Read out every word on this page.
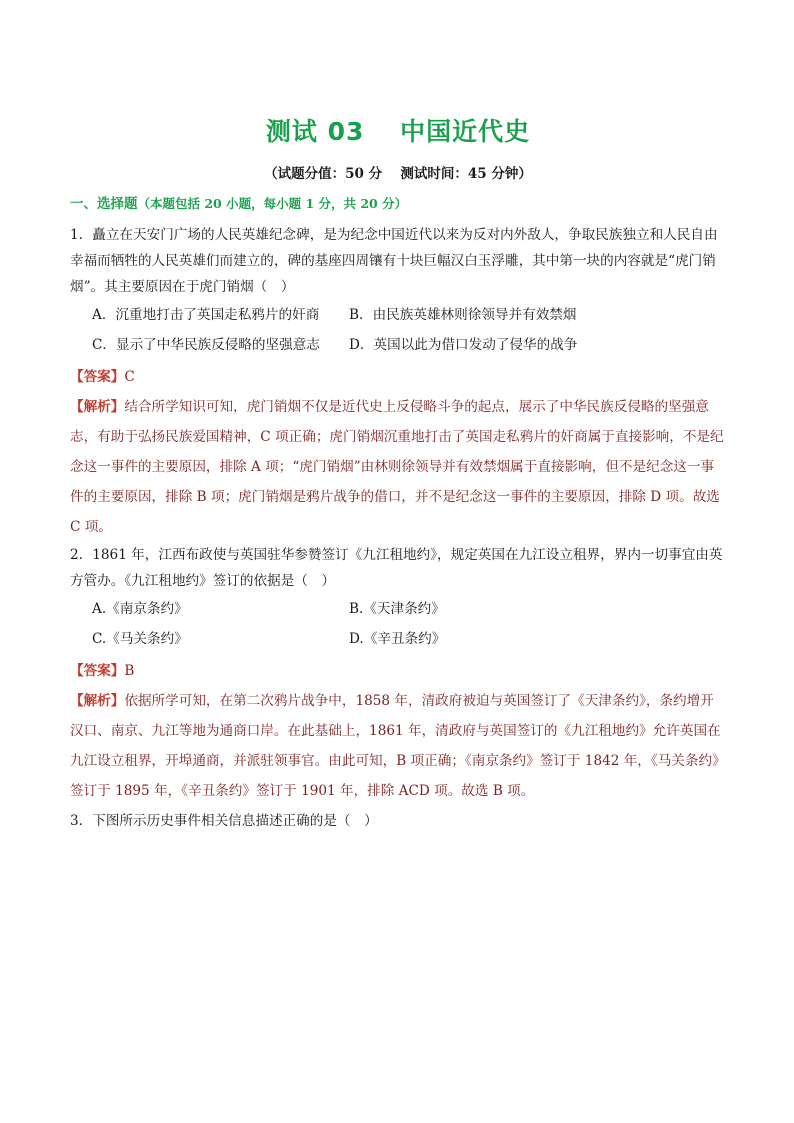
测试 03　 中国近代史
（试题分值：50 分　 测试时间：45 分钟）
一、选择题（本题包括 20 小题，每小题 1 分，共 20 分）

1．矗立在天安门广场的人民英雄纪念碑，是为纪念中国近代以来为反对内外敌人，争取民族独立和人民自由幸福而牺牲的人民英雄们而建立的，碑的基座四周镶有十块巨幅汉白玉浮雕，其中第一块的内容就是“虎门销烟”。其主要原因在于虎门销烟（　）

A．沉重地打击了英国走私鸦片的奸商	B．由民族英雄林则徐领导并有效禁烟
C．显示了中华民族反侵略的坚强意志	D．英国以此为借口发动了侵华的战争
【答案】C

【解析】结合所学知识可知，虎门销烟不仅是近代史上反侵略斗争的起点，展示了中华民族反侵略的坚强意志，有助于弘扬民族爱国精神，C 项正确；虎门销烟沉重地打击了英国走私鸦片的奸商属于直接影响，不是纪念这一事件的主要原因，排除 A 项；“虎门销烟”由林则徐领导并有效禁烟属于直接影响，但不是纪念这一事件的主要原因，排除 B 项；虎门销烟是鸦片战争的借口，并不是纪念这一事件的主要原因，排除 D 项。故选 C 项。

2．1861 年，江西布政使与英国驻华参赞签订《九江租地约》，规定英国在九江设立租界，界内一切事宜由英方管办。《九江租地约》签订的依据是（　）

A.《南京条约》	B.《天津条约》
C.《马关条约》	D.《辛丑条约》
【答案】B

【解析】依据所学可知，在第二次鸦片战争中，1858 年，清政府被迫与英国签订了《天津条约》，条约增开汉口、南京、九江等地为通商口岸。在此基础上，1861 年，清政府与英国签订的《九江租地约》允许英国在九江设立租界，开埠通商，并派驻领事官。由此可知，B 项正确；《南京条约》签订于 1842 年，《马关条约》签订于 1895 年，《辛丑条约》签订于 1901 年，排除 ACD 项。故选 B 项。

3．下图所示历史事件相关信息描述正确的是（　）
